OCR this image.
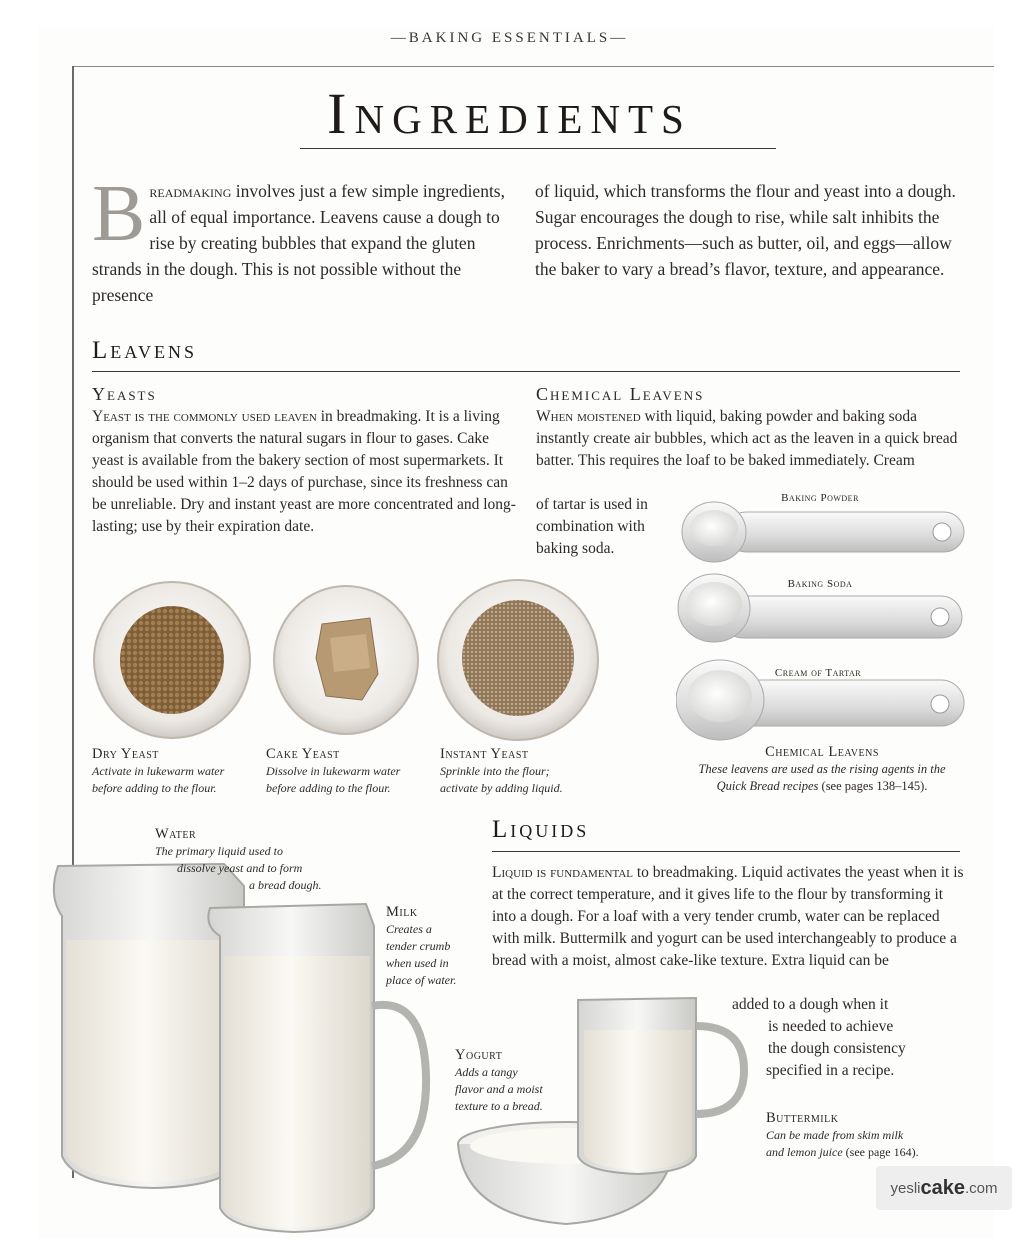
—BAKING ESSENTIALS—
Ingredients
Breadmaking involves just a few simple ingredients, all of equal importance. Leavens cause a dough to rise by creating bubbles that expand the gluten strands in the dough. This is not possible without the presence
of liquid, which transforms the flour and yeast into a dough. Sugar encourages the dough to rise, while salt inhibits the process. Enrichments—such as butter, oil, and eggs—allow the baker to vary a bread’s flavor, texture, and appearance.
Leavens
Yeasts
Yeast is the commonly used leaven in breadmaking. It is a living organism that converts the natural sugars in flour to gases. Cake yeast is available from the bakery section of most supermarkets. It should be used within 1–2 days of purchase, since its freshness can be unreliable. Dry and instant yeast are more concentrated and long-lasting; use by their expiration date.
Chemical Leavens
When moistened with liquid, baking powder and baking soda instantly create air bubbles, which act as the leaven in a quick bread batter. This requires the loaf to be baked immediately. Cream
of tartar is used in combination with baking soda.
Dry Yeast
Activate in lukewarm water before adding to the flour.
Cake Yeast
Dissolve in lukewarm water before adding to the flour.
Instant Yeast
Sprinkle into the flour; activate by adding liquid.
Baking Powder
Baking Soda
Cream of Tartar
Chemical Leavens
These leavens are used as the rising agents in the Quick Bread recipes (see pages 138–145).
Liquids
Liquid is fundamental to breadmaking. Liquid activates the yeast when it is at the correct temperature, and it gives life to the flour by transforming it into a dough. For a loaf with a very tender crumb, water can be replaced with milk. Buttermilk and yogurt can be used interchangeably to produce a bread with a moist, almost cake-like texture. Extra liquid can be
added to a dough when it
is needed to achieve
the dough consistency
specified in a recipe.
Water
The primary liquid used to
dissolve yeast and to form
a bread dough.
Milk
Creates a
tender crumb
when used in
place of water.
Yogurt
Adds a tangy
flavor and a moist
texture to a bread.
Buttermilk
Can be made from skim milk
and lemon juice (see page 164).
yesli cake .com
